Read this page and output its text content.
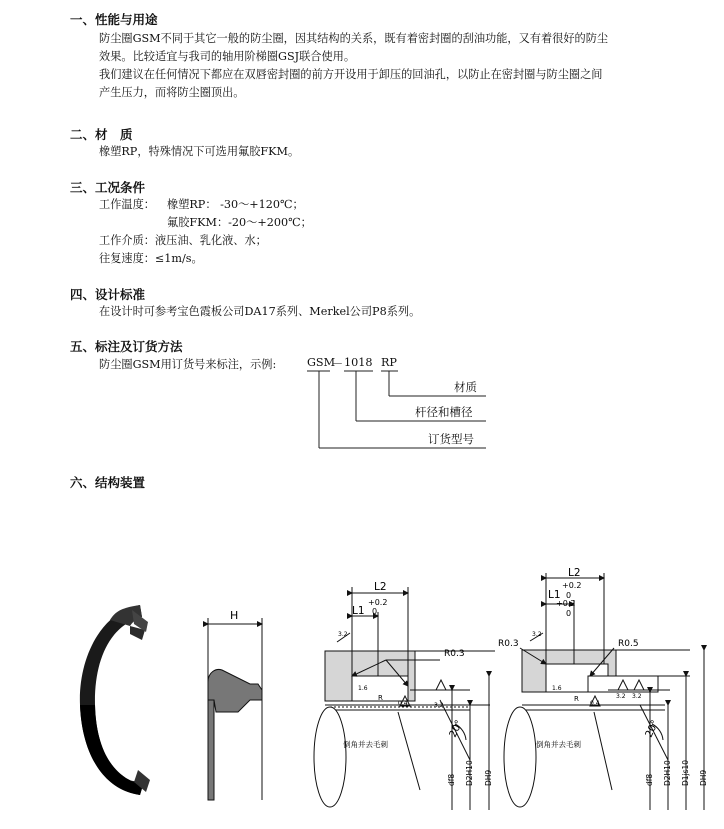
一、性能与用途
防尘圈GSM不同于其它一般的防尘圈，因其结构的关系，既有着密封圈的刮油功能，又有着很好的防尘
效果。比较适宜与我司的轴用阶梯圈GSJ联合使用。
我们建议在任何情况下都应在双唇密封圈的前方开设用于卸压的回油孔，以防止在密封圈与防尘圈之间
产生压力，而将防尘圈顶出。
二、材　质
橡塑RP，特殊情况下可选用氟胶FKM。
三、工况条件
工作温度： 橡塑RP： -30～+120℃；
氟胶FKM：-20～+200℃；
工作介质：液压油、乳化液、水；
往复速度：≤1m/s。
四、设计标准
在设计时可参考宝色霞板公司DA17系列、Merkel公司P8系列。
五、标注及订货方法
防尘圈GSM用订货号来标注，示例:	GSM
－ 1018 RP
材质
杆径和槽径
订货型号
六、结构装置
H
L2
+0.2
L1 0
R0.3
R
3.2
1.6
3.2
0.4
倒角并去毛刺
20°
df8 D2H10 DH9
L2
+0.2
L1 0
+0.2
0
R0.3	R0.5
R
3.2
1.6
3.2 3.2
0.4
倒角并去毛刺
20°
df8 D2H10 D1js10 DH9
